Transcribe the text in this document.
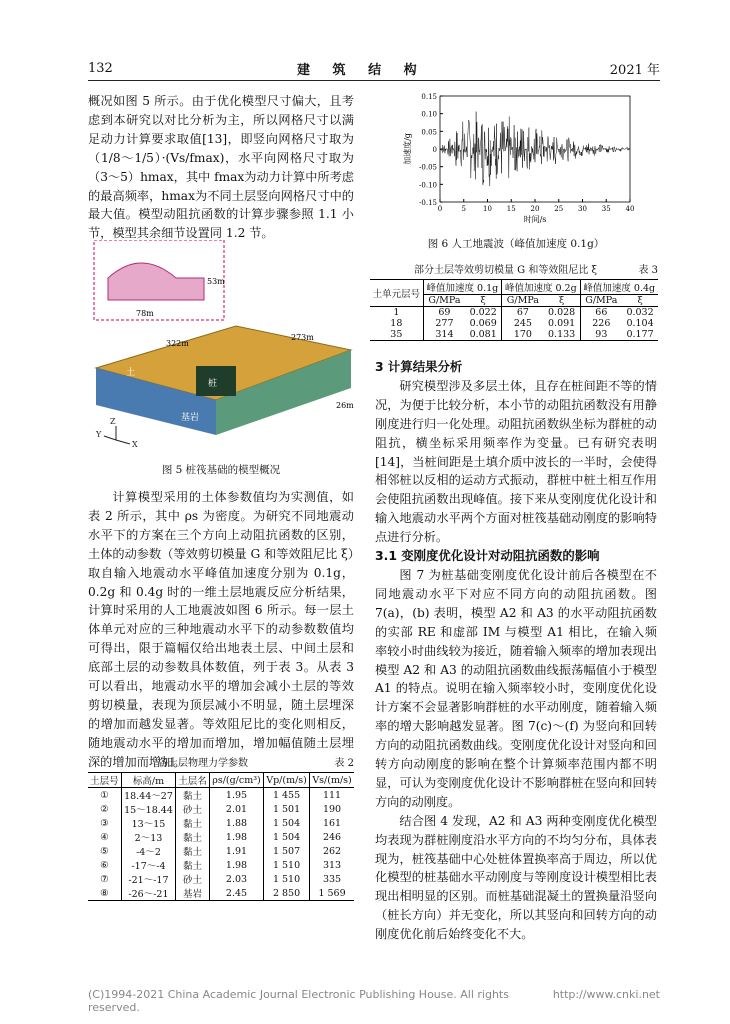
132	建 筑 结 构	2021 年

概况如图 5 所示。由于优化模型尺寸偏大，且考虑到本研究以对比分析为主，所以网格尺寸以满足动力计算要求取值[13]，即竖向网格尺寸取为（1/8～1/5）·(Vs/fmax)，水平向网格尺寸取为（3～5）hmax，其中 fmax为动力计算中所考虑的最高频率，hmax为不同土层竖向网格尺寸中的最大值。模型动阻抗函数的计算步骤参照 1.1 小节，模型其余细节设置同 1.2 节。

78m
53m
土
桩
基岩
322m
273m
26m
Z
X
Y
图 5 桩筏基础的模型概况

计算模型采用的土体参数值均为实测值，如表 2 所示，其中 ρs 为密度。为研究不同地震动水平下的方案在三个方向上动阻抗函数的区别，土体的动参数（等效剪切模量 G 和等效阻尼比 ξ）取自输入地震动水平峰值加速度分别为 0.1g，0.2g 和 0.4g 时的一维土层地震反应分析结果，计算时采用的人工地震波如图 6 所示。每一层土体单元对应的三种地震动水平下的动参数数值均可得出，限于篇幅仅给出地表土层、中间土层和底部土层的动参数具体数值，列于表 3。从表 3 可以看出，地震动水平的增加会减小土层的等效剪切模量，表现为顶层减小不明显，随土层埋深的增加而越发显著。等效阻尼比的变化则相反，随地震动水平的增加而增加，增加幅值随土层埋深的增加而增加。

各土层物理力学参数	表 2
土层号	标高/m	土层名	ρs/(g/cm³)	Vp/(m/s)	Vs/(m/s)
①	18.44～27	黏土	1.95	1 455	111
②	15～18.44	砂土	2.01	1 501	190
③	13～15	黏土	1.88	1 504	161
④	2～13	黏土	1.98	1 504	246
⑤	-4～2	黏土	1.91	1 507	262
⑥	-17～-4	黏土	1.98	1 510	313
⑦	-21～-17	砂土	2.03	1 510	335
⑧	-26～-21	基岩	2.45	2 850	1 569
0.15
0.10
0.05
0
-0.05
-0.10
-0.15
0	5 10 15 20 25 30 35 40
时间/s
加速度/g
图 6 人工地震波（峰值加速度 0.1g）
部分土层等效剪切模量 G 和等效阻尼比 ξ	表 3
土单元层号	峰值加速度 0.1g		峰值加速度 0.2g		峰值加速度 0.4g	
	G/MPa	ξ	G/MPa	ξ	G/MPa	ξ
1	69	0.022	67	0.028	66	0.032
18	277	0.069	245	0.091	226	0.104
35	314	0.081	170	0.133	93	0.177

3 计算结果分析

研究模型涉及多层土体，且存在桩间距不等的情况，为便于比较分析，本小节的动阻抗函数没有用静刚度进行归一化处理。动阻抗函数纵坐标为群桩的动阻抗，横坐标采用频率作为变量。已有研究表明[14]，当桩间距是土填介质中波长的一半时，会使得相邻桩以反相的运动方式振动，群桩中桩土相互作用会使阻抗函数出现峰值。接下来从变刚度优化设计和输入地震动水平两个方面对桩筏基础动刚度的影响特点进行分析。

3.1 变刚度优化设计对动阻抗函数的影响

图 7 为桩基础变刚度优化设计前后各模型在不同地震动水平下对应不同方向的动阻抗函数。图 7(a)，(b) 表明，模型 A2 和 A3 的水平动阻抗函数的实部 RE 和虚部 IM 与模型 A1 相比，在输入频率较小时曲线较为接近，随着输入频率的增加表现出模型 A2 和 A3 的动阻抗函数曲线振荡幅值小于模型 A1 的特点。说明在输入频率较小时，变刚度优化设计方案不会显著影响群桩的水平动刚度，随着输入频率的增大影响越发显著。图 7(c)～(f) 为竖向和回转方向的动阻抗函数曲线。变刚度优化设计对竖向和回转方向动刚度的影响在整个计算频率范围内都不明显，可认为变刚度优化设计不影响群桩在竖向和回转方向的动刚度。

结合图 4 发现，A2 和 A3 两种变刚度优化模型均表现为群桩刚度沿水平方向的不均匀分布，具体表现为，桩筏基础中心处桩体置换率高于周边，所以优化模型的桩基础水平动刚度与等刚度设计模型相比表现出相明显的区别。而桩基础混凝土的置换量沿竖向（桩长方向）并无变化，所以其竖向和回转方向的动刚度优化前后始终变化不大。

(C)1994-2021 China Academic Journal Electronic Publishing House. All rights reserved.
http://www.cnki.net
